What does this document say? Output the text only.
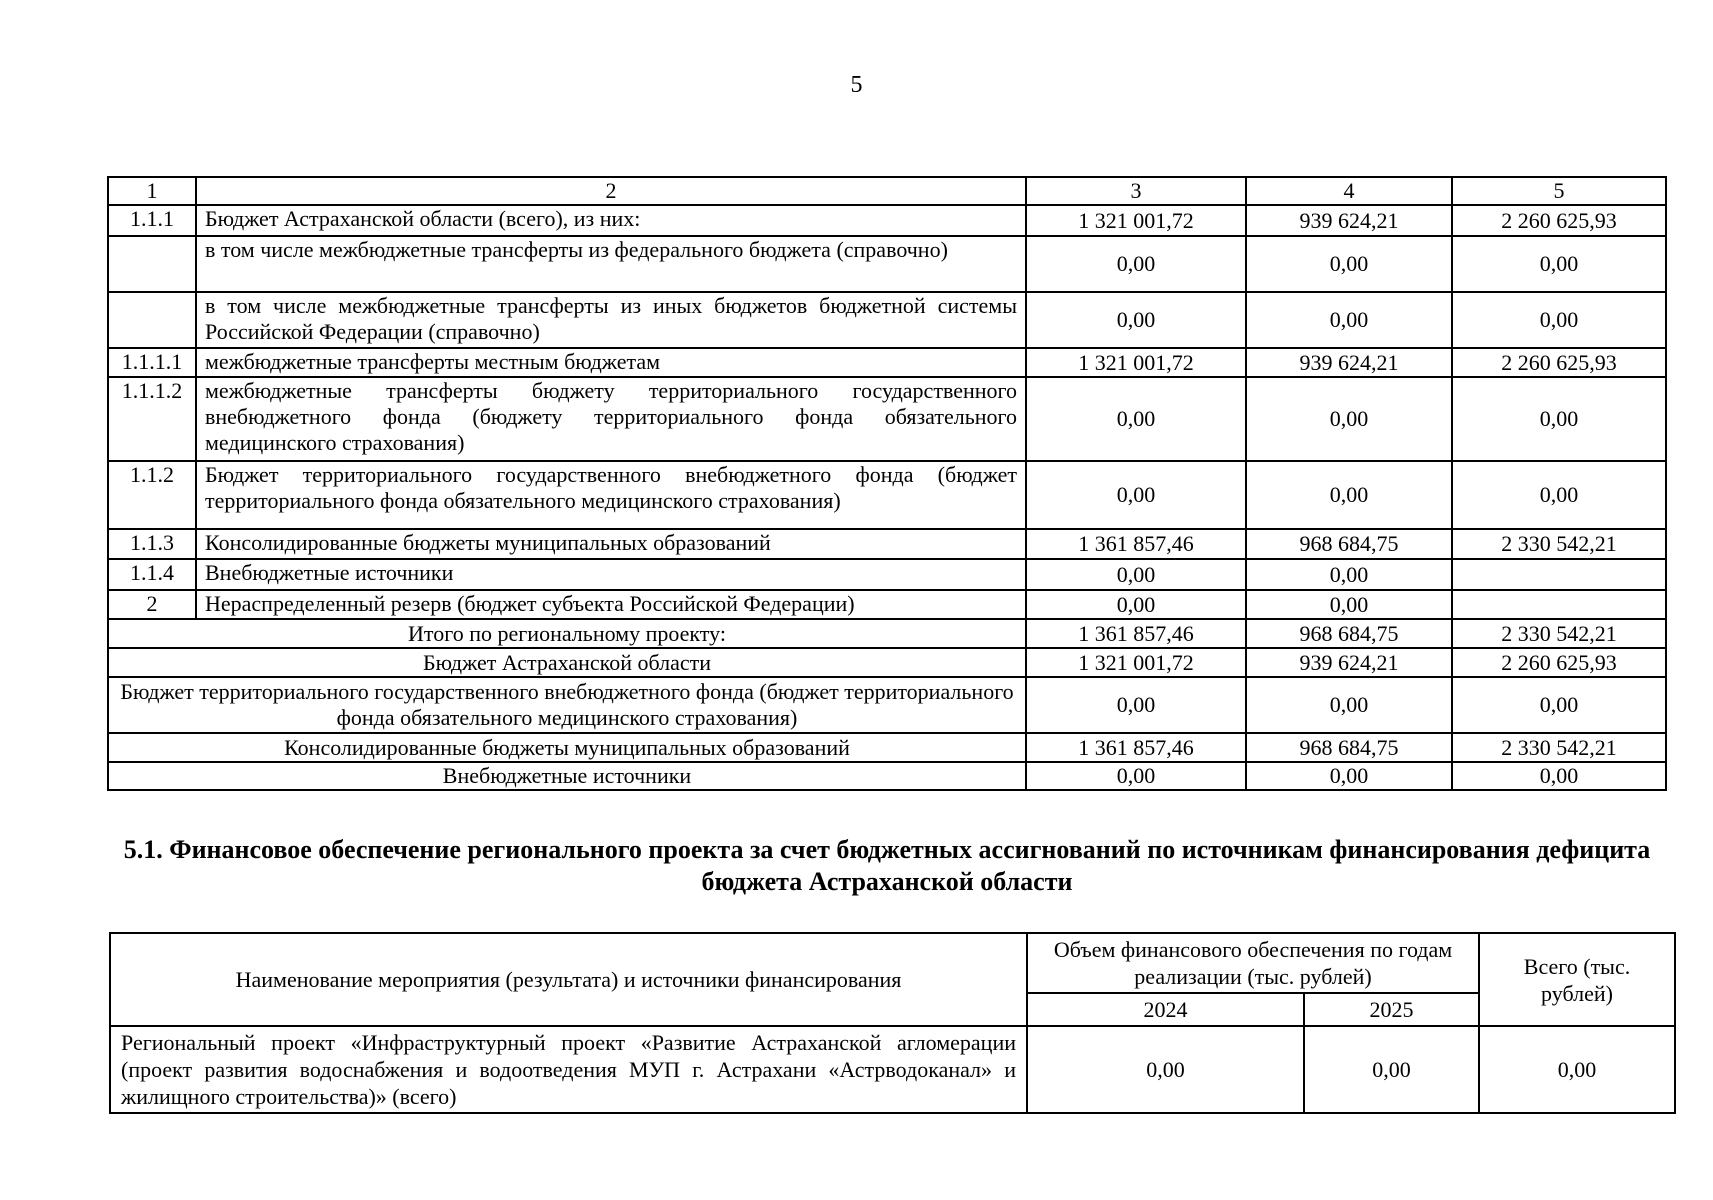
5
1	2	3	4	5
1.1.1	Бюджет Астраханской области (всего), из них:	1 321 001,72	939 624,21	2 260 625,93
	в том числе межбюджетные трансферты из федерального бюджета (справочно)	0,00	0,00	0,00
	в том числе межбюджетные трансферты из иных бюджетов бюджетной системы Российской Федерации (справочно)	0,00	0,00	0,00
1.1.1.1	межбюджетные трансферты местным бюджетам	1 321 001,72	939 624,21	2 260 625,93
1.1.1.2	межбюджетные трансферты бюджету территориального государственного внебюджетного фонда (бюджету территориального фонда обязательного медицинского страхования)	0,00	0,00	0,00
1.1.2	Бюджет территориального государственного внебюджетного фонда (бюджет территориального фонда обязательного медицинского страхования)	0,00	0,00	0,00
1.1.3	Консолидированные бюджеты муниципальных образований	1 361 857,46	968 684,75	2 330 542,21
1.1.4	Внебюджетные источники	0,00	0,00	
2	Нераспределенный резерв (бюджет субъекта Российской Федерации)	0,00	0,00	
Итого по региональному проекту:		1 361 857,46	968 684,75	2 330 542,21
Бюджет Астраханской области		1 321 001,72	939 624,21	2 260 625,93
Бюджет территориального государственного внебюджетного фонда (бюджет территориального фонда обязательного медицинского страхования)		0,00	0,00	0,00
Консолидированные бюджеты муниципальных образований		1 361 857,46	968 684,75	2 330 542,21
Внебюджетные источники		0,00	0,00	0,00
5.1. Финансовое обеспечение регионального проекта за счет бюджетных ассигнований по источникам финансирования дефицита бюджета Астраханской области
Наименование мероприятия (результата) и источники финансирования	Объем финансового обеспечения по годам реализации (тыс. рублей)		Всего (тыс. рублей)
	2024	2025	
Региональный проект «Инфраструктурный проект «Развитие Астраханской агломерации (проект развития водоснабжения и водоотведения МУП г. Астрахани «Астрводоканал» и жилищного строительства)» (всего)	0,00	0,00	0,00
